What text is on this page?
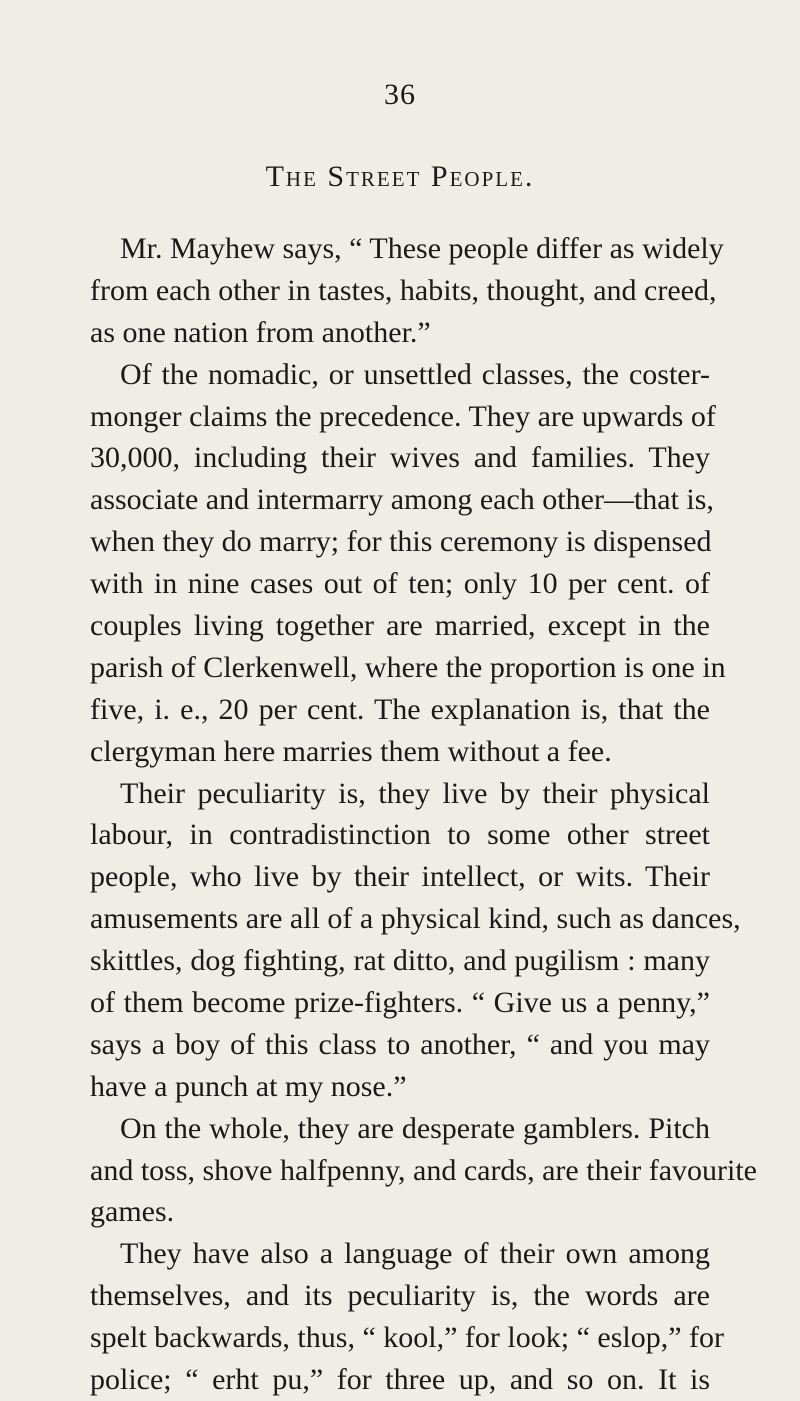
36
The Street People.
Mr. Mayhew says, “ These people differ as widely
from each other in tastes, habits, thought, and creed,
as one nation from another.”
Of the nomadic, or unsettled classes, the coster-
monger claims the precedence. They are upwards of
30,000, including their wives and families. They
associate and intermarry among each other—that is,
when they do marry; for this ceremony is dispensed
with in nine cases out of ten; only 10 per cent. of
couples living together are married, except in the
parish of Clerkenwell, where the proportion is one in
five, i. e., 20 per cent. The explanation is, that the
clergyman here marries them without a fee.
Their peculiarity is, they live by their physical
labour, in contradistinction to some other street
people, who live by their intellect, or wits. Their
amusements are all of a physical kind, such as dances,
skittles, dog fighting, rat ditto, and pugilism : many
of them become prize-fighters. “ Give us a penny,”
says a boy of this class to another, “ and you may
have a punch at my nose.”
On the whole, they are desperate gamblers. Pitch
and toss, shove halfpenny, and cards, are their favourite
games.
They have also a language of their own among
themselves, and its peculiarity is, the words are
spelt backwards, thus, “ kool,” for look; “ eslop,” for
police; “ erht pu,” for three up, and so on. It is
